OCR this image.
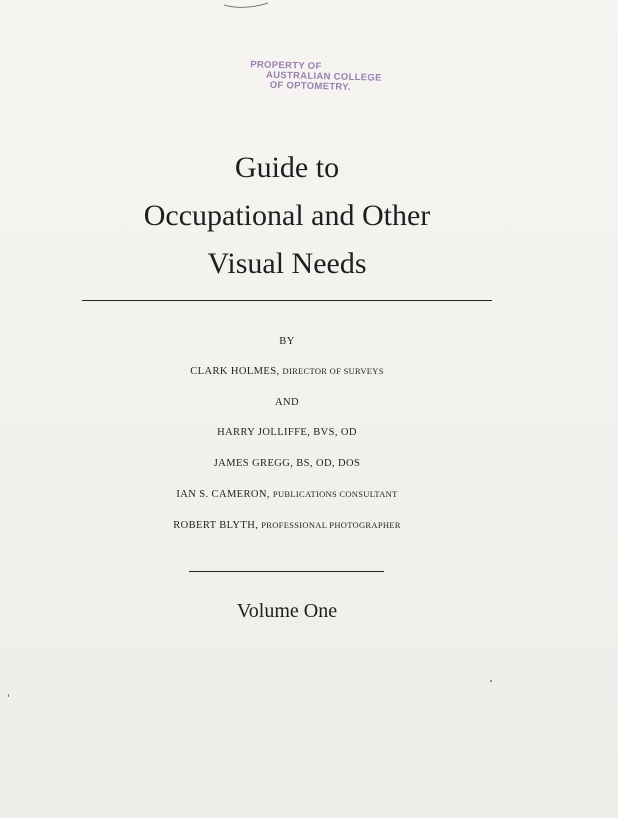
PROPERTY OF
AUSTRALIAN COLLEGE
OF OPTOMETRY.
Guide to
Occupational and Other
Visual Needs
BY
CLARK HOLMES, DIRECTOR OF SURVEYS
AND
HARRY JOLLIFFE, BVS, OD
JAMES GREGG, BS, OD, DOS
IAN S. CAMERON, PUBLICATIONS CONSULTANT
ROBERT BLYTH, PROFESSIONAL PHOTOGRAPHER
Volume One
